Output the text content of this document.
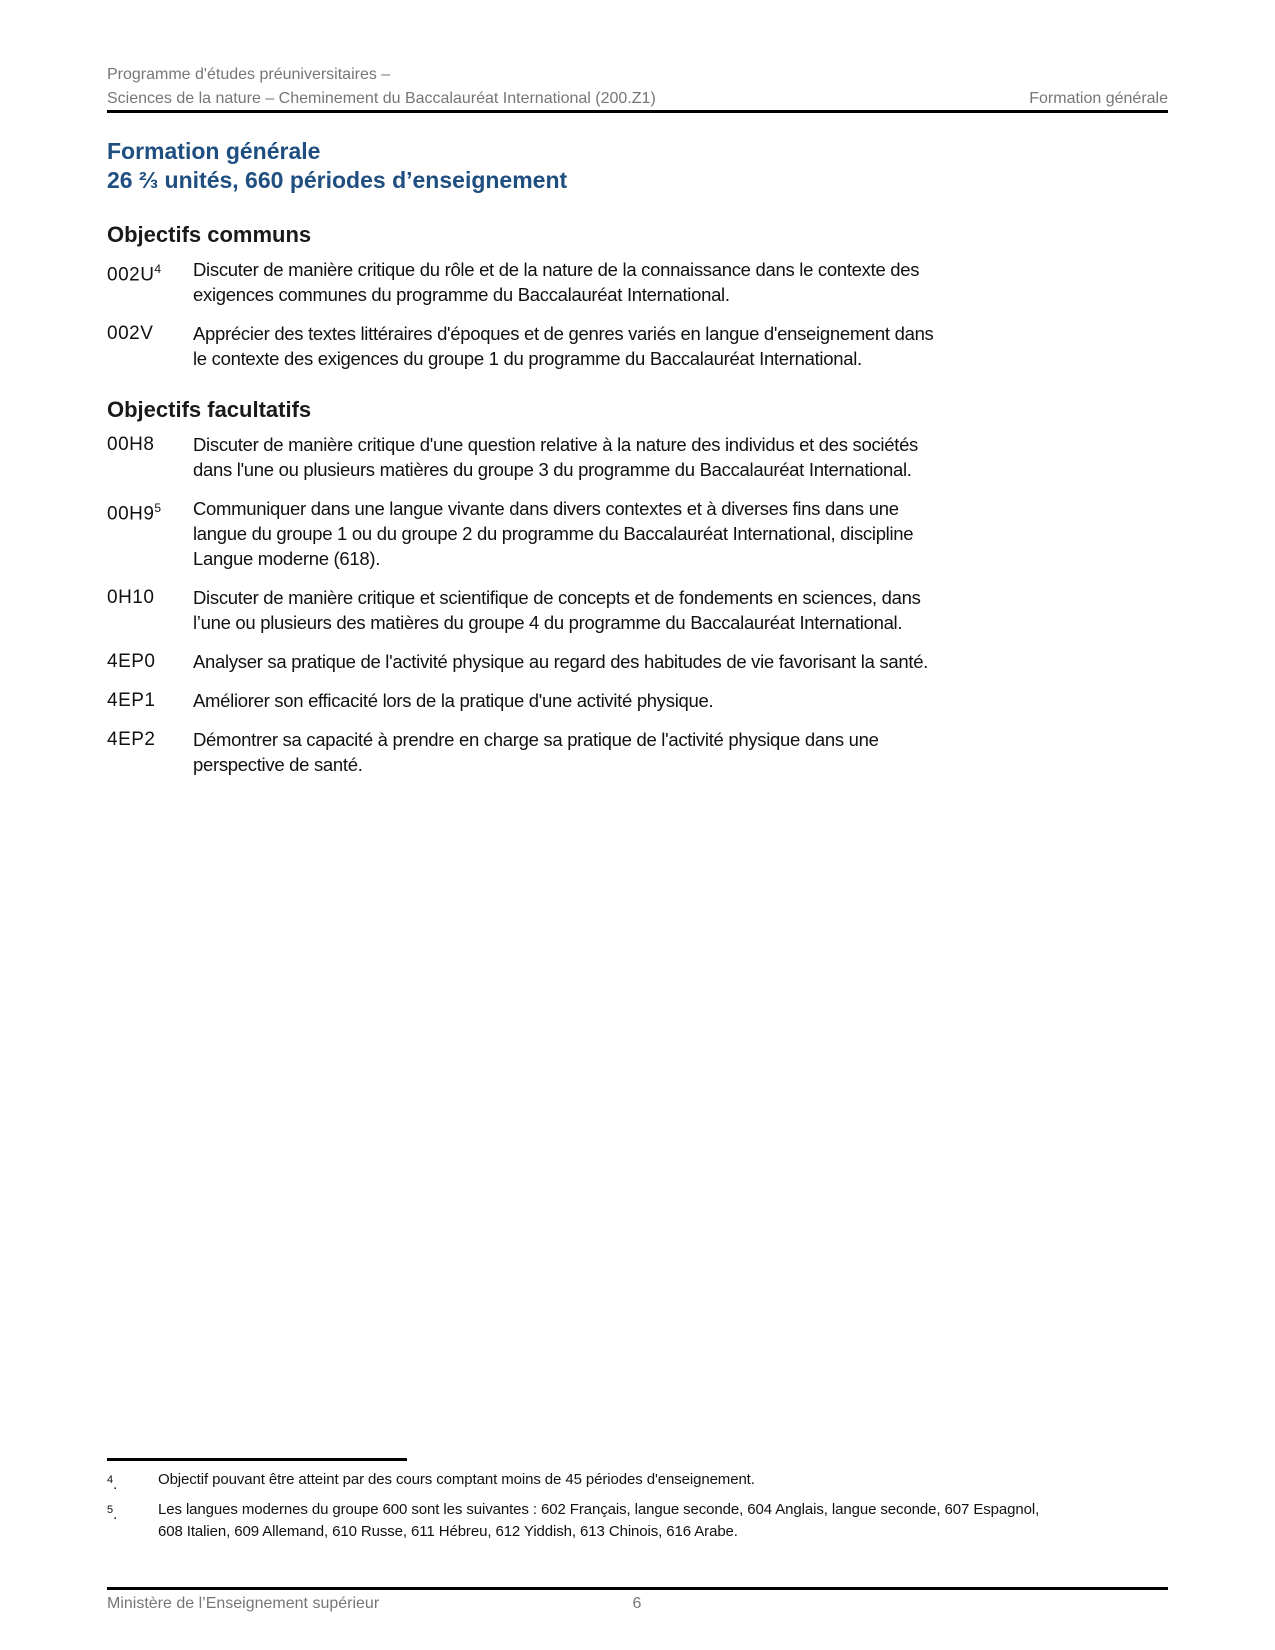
Programme d'études préuniversitaires –
Sciences de la nature – Cheminement du Baccalauréat International (200.Z1)	Formation générale
Formation générale
26 ⅔ unités, 660 périodes d’enseignement
Objectifs communs
$002U^4$	Discuter de manière critique du rôle et de la nature de la connaissance dans le contexte des
exigences communes du programme du Baccalauréat International.
002V	Apprécier des textes littéraires d'époques et de genres variés en langue d'enseignement dans
le contexte des exigences du groupe 1 du programme du Baccalauréat International.
Objectifs facultatifs
00H8	Discuter de manière critique d'une question relative à la nature des individus et des sociétés
dans l'une ou plusieurs matières du groupe 3 du programme du Baccalauréat International.
$00H9^5$	Communiquer dans une langue vivante dans divers contextes et à diverses fins dans une
langue du groupe 1 ou du groupe 2 du programme du Baccalauréat International, discipline
Langue moderne (618).
0H10	Discuter de manière critique et scientifique de concepts et de fondements en sciences, dans
l’une ou plusieurs des matières du groupe 4 du programme du Baccalauréat International.
4EP0	Analyser sa pratique de l'activité physique au regard des habitudes de vie favorisant la santé.
4EP1	Améliorer son efficacité lors de la pratique d'une activité physique.
4EP2	Démontrer sa capacité à prendre en charge sa pratique de l'activité physique dans une
perspective de santé.
$^4$.	Objectif pouvant être atteint par des cours comptant moins de 45 périodes d'enseignement.
$^5$.	Les langues modernes du groupe 600 sont les suivantes : 602 Français, langue seconde, 604 Anglais, langue seconde, 607 Espagnol,
608 Italien, 609 Allemand, 610 Russe, 611 Hébreu, 612 Yiddish, 613 Chinois, 616 Arabe.
Ministère de l’Enseignement supérieur	6
